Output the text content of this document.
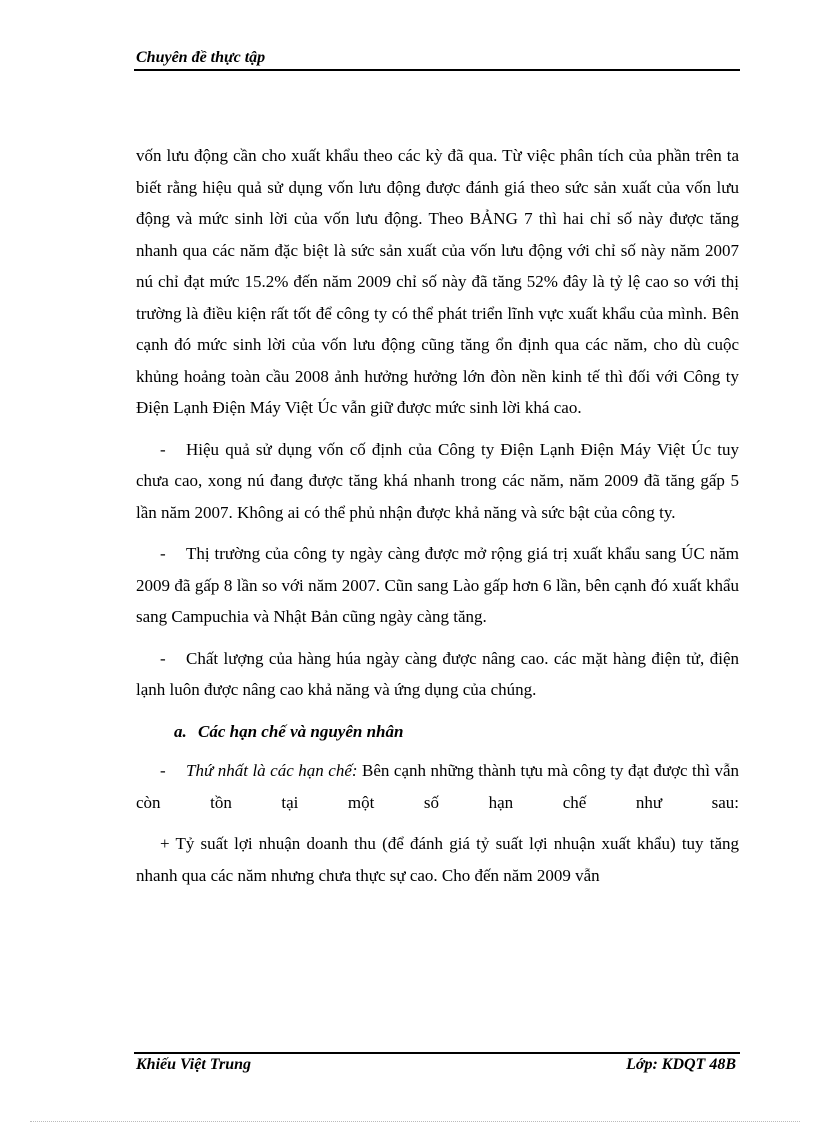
Chuyên đề thực tập

vốn lưu động cần cho xuất khẩu theo các kỳ đã qua. Từ việc phân tích của phần trên ta biết rằng hiệu quả sử dụng vốn lưu động được đánh giá theo sức sản xuất của vốn lưu động và mức sinh lời của vốn lưu động. Theo BẢNG 7 thì hai chỉ số này được tăng nhanh qua các năm đặc biệt là sức sản xuất của vốn lưu động với chỉ số này năm 2007 nú chỉ đạt mức 15.2% đến năm 2009 chỉ số này đã tăng 52% đây là tỷ lệ cao so với thị trường là điều kiện rất tốt để công ty có thể phát triển lĩnh vực xuất khẩu của mình. Bên cạnh đó mức sinh lời của vốn lưu động cũng tăng ổn định qua các năm, cho dù cuộc khủng hoảng toàn cầu 2008 ảnh hưởng hưởng lớn đòn nền kinh tế thì đối với Công ty Điện Lạnh Điện Máy Việt Úc vẫn giữ được mức sinh lời khá cao.

- Hiệu quả sử dụng vốn cố định của Công ty Điện Lạnh Điện Máy Việt Úc tuy chưa cao, xong nú đang được tăng khá nhanh trong các năm, năm 2009 đã tăng gấp 5 lần năm 2007. Không ai có thể phủ nhận được khả năng và sức bật của công ty.

- Thị trường của công ty ngày càng được mở rộng giá trị xuất khẩu sang ÚC năm 2009 đã gấp 8 lần so với năm 2007. Cũn sang Lào gấp hơn 6 lần, bên cạnh đó xuất khẩu sang Campuchia và Nhật Bản cũng ngày càng tăng.

- Chất lượng của hàng húa ngày càng được nâng cao. các mặt hàng điện tử, điện lạnh luôn được nâng cao khả năng và ứng dụng của chúng.

a. Các hạn chế và nguyên nhân

- Thứ nhất là các hạn chế: Bên cạnh những thành tựu mà công ty đạt được thì vẫn còn tồn tại một số hạn chế như sau:

+ Tỷ suất lợi nhuận doanh thu (để đánh giá tỷ suất lợi nhuận xuất khẩu) tuy tăng nhanh qua các năm nhưng chưa thực sự cao. Cho đến năm 2009 vẫn

Khiếu Việt Trung	Lớp: KDQT 48B
